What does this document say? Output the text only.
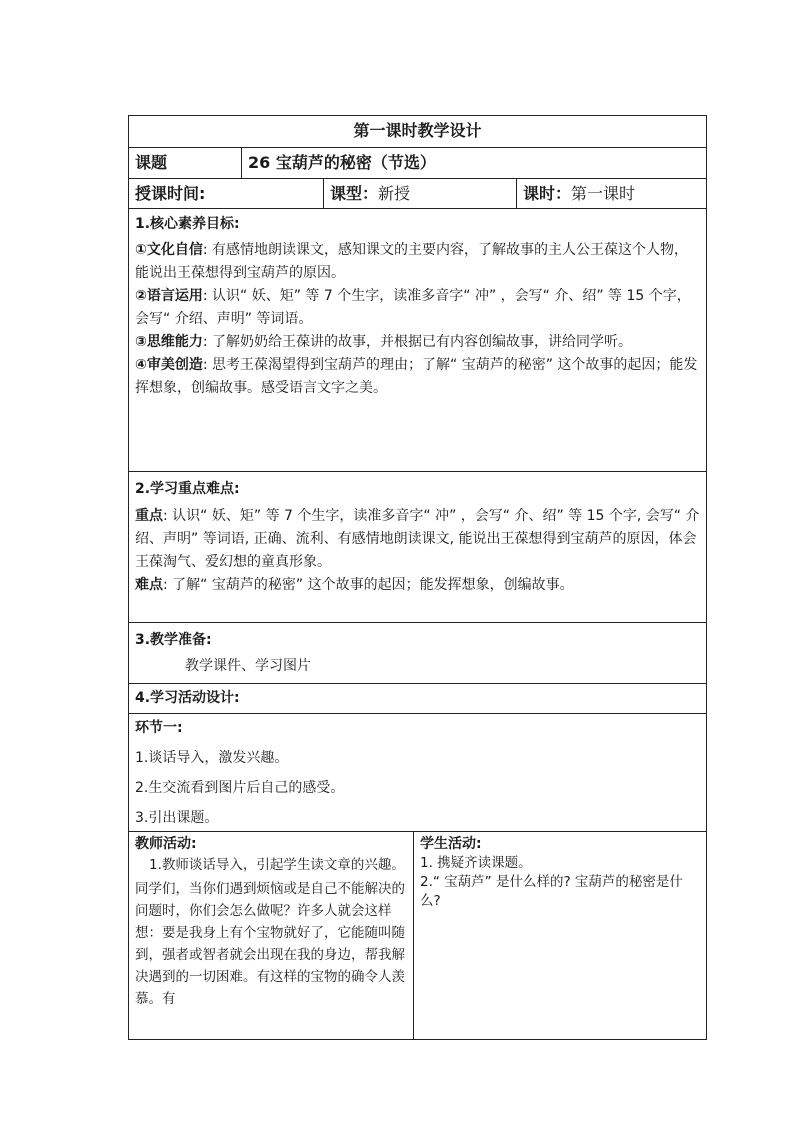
第一课时教学设计
课题	26 宝葫芦的秘密（节选）
授课时间:	课型：新授	课时：第一课时
1.核心素养目标:

①文化自信: 有感情地朗读课文，感知课文的主要内容，了解故事的主人公王葆这个人物，能说出王葆想得到宝葫芦的原因。

②语言运用: 认识“ 妖、矩” 等 7 个生字，读准多音字“ 冲” ，会写“ 介、绍” 等 15 个字，会写“ 介绍、声明” 等词语。

③思维能力: 了解奶奶给王葆讲的故事，并根据已有内容创编故事，讲给同学听。

④审美创造: 思考王葆渴望得到宝葫芦的理由；了解“ 宝葫芦的秘密” 这个故事的起因；能发挥想象，创编故事。感受语言文字之美。

2.学习重点难点:

重点: 认识“ 妖、矩” 等 7 个生字，读准多音字“ 冲” ，会写“ 介、绍” 等 15 个字, 会写“ 介绍、声明” 等词语, 正确、流利、有感情地朗读课文, 能说出王葆想得到宝葫芦的原因，体会王葆淘气、爱幻想的童真形象。

难点: 了解“ 宝葫芦的秘密” 这个故事的起因；能发挥想象，创编故事。

3.教学准备:
教学课件、学习图片
4.学习活动设计:
环节一:
1.谈话导入，激发兴趣。
2.生交流看到图片后自己的感受。
3.引出课题。
教师活动:

1.教师谈话导入，引起学生读文章的兴趣。

同学们，当你们遇到烦恼或是自己不能解决的问题时，你们会怎么做呢？许多人就会这样想：要是我身上有个宝物就好了，它能随叫随到，强者或智者就会出现在我的身边，帮我解决遇到的一切困难。有这样的宝物的确令人羡慕。有

学生活动:

1. 携疑齐读课题。

2.“ 宝葫芦” 是什么样的? 宝葫芦的秘密是什么?
